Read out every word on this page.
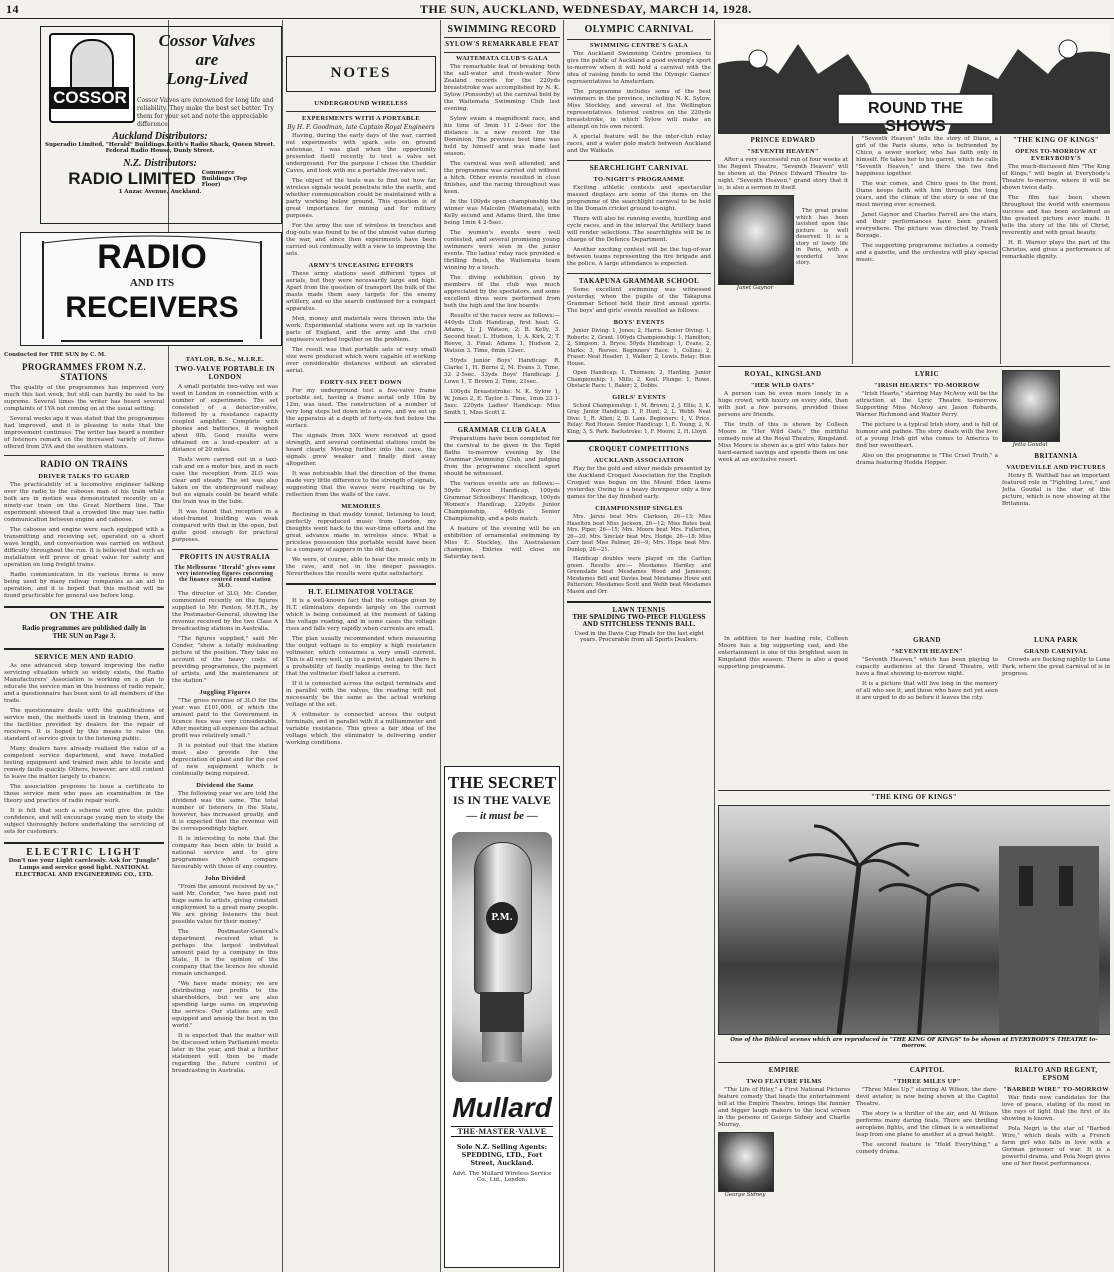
14	THE SUN, AUCKLAND, WEDNESDAY, MARCH 14, 1928.
COSSOR
Cossor Valves
are
Long-Lived
Cossor Valves are renowned for long life and reliability. They make the best set better. Try them for your set and note the appreciable difference.
Auckland Distributors:
Superadio Limited, "Herald" Buildings. Keith's Radio Shack, Queen Street.
Federal Radio House, Dunly Street.
N.Z. Distributors:
RADIO LIMITED Commerce Buildings (Top Floor)
1 Anzac Avenue, Auckland.
RADIO
AND ITS
RECEIVERS
Conducted for THE SUN by C. M.
PROGRAMMES FROM N.Z. STATIONS

The quality of the programmes has improved very much this last week, but still can hardly be said to be supreme. Several times the writer has heard several complaints of 1YA not coming on at the usual setting.

Several weeks ago it was stated that the programmes had improved, and it is pleasing to note that the improvement continues. The writer has heard a number of listeners remark on the increased variety of items offered from 2YA and the southern stations.

RADIO ON TRAINS
DRIVER TALKS TO GUARD

The practicability of a locomotive engineer talking over the radio to the caboose man of his train while both are in motion was demonstrated recently on a ninety-car train on the Great Northern line. The experiment showed that a crowded line may use radio communication between engine and caboose.

The caboose and engine were each equipped with a transmitting and receiving set, operated on a short wave length, and conversation was carried on without difficulty throughout the run. It is believed that such an installation will prove of great value for safety and operation on long freight trains.

Radio communication in its various forms is now being used by many railway companies as an aid to operation, and it is hoped that this method will be found practicable for general use before long.

ON THE AIR
Radio programmes are published daily in THE SUN on Page 3.
SERVICE MEN AND RADIO

As one advanced step toward improving the radio servicing situation which so widely exists, the Radio Manufacturers' Association is working on a plan to educate the service man in the business of radio repair, and a questionnaire has been sent to all members of the trade.

The questionnaire deals with the qualifications of service men, the methods used in training them, and the facilities provided by dealers for the repair of receivers. It is hoped by this means to raise the standard of service given to the listening public.

Many dealers have already realised the value of a competent service department, and have installed testing equipment and trained men able to locate and remedy faults quickly. Others, however, are still content to leave the matter largely to chance.

The association proposes to issue a certificate to those service men who pass an examination in the theory and practice of radio repair work.

It is felt that such a scheme will give the public confidence, and will encourage young men to study the subject thoroughly before undertaking the servicing of sets for customers.

ELECTRIC LIGHT
Don't use your Light carelessly. Ask for "Jungle" Lamps and service good light. NATIONAL ELECTRICAL AND ENGINEERING CO., LTD.
TAYLOR, B.Sc., M.I.R.E.
TWO-VALVE PORTABLE IN LONDON

A small portable two-valve set was used in London in connection with a number of experiments. The set consisted of a detector-valve, followed by a resistance capacity coupled amplifier. Complete with phones and batteries, it weighed about 9lb. Good results were obtained on a loud-speaker at a distance of 20 miles.

Tests were carried out in a taxi-cab and on a motor bus, and in each case the reception from 2LO was clear and steady. The set was also taken on the underground railway, but no signals could be heard while the train was in the tube.

It was found that reception in a steel-framed building was weak compared with that in the open, but quite good enough for practical purposes.

PROFITS IN AUSTRALIA
The Melbourne "Herald" gives some very interesting figures concerning the finance centred round station 3LO.

The director of 3LO, Mr. Conder, commented recently on the figures supplied to Mr. Fenton, M.H.R., by the Postmaster-General, showing the revenue received by the two Class A broadcasting stations in Australia.

"The figures supplied," said Mr. Conder, "show a totally misleading picture of the position. They take no account of the heavy costs of providing programmes, the payment of artists, and the maintenance of the station."

Juggling Figures

"The gross revenue of 3LO for the year was £101,000, of which the amount paid to the Government in licence fees was very considerable. After meeting all expenses the actual profit was relatively small."

It is pointed out that the station must also provide for the depreciation of plant and for the cost of new equipment which is continually being required.

Dividend the Same

The following year we are told the dividend was the same. The total number of listeners in the State, however, has increased greatly, and it is expected that the revenue will be correspondingly higher.

It is interesting to note that the company has been able to build a national service and to give programmes which compare favourably with those of any country.

John Divided

"From the amount received by us," said Mr. Conder, "we have paid out huge sums to artists, giving constant employment to a great many people. We are giving listeners the best possible value for their money."

The Postmaster-General's department received what is perhaps the largest individual amount paid by a company in this State. It is the opinion of the company that the licence fee should remain unchanged.

"We have made money; we are distributing our profits to the shareholders, but we are also spending large sums on improving the service. Our stations are well equipped and among the best in the world."

It is expected that the matter will be discussed when Parliament meets later in the year, and that a further statement will then be made regarding the future control of broadcasting in Australia.

NOTES
UNDERGROUND WIRELESS
EXPERIMENTS WITH A PORTABLE
By H. F. Goodman, late Captain Royal Engineers

Having, during the early days of the war, carried out experiments with spark sets on ground antennae, I was glad when the opportunity presented itself recently to test a valve set underground. For the purpose I chose the Cheddar Caves, and took with me a portable five-valve set.

The object of the tests was to find out how far wireless signals would penetrate into the earth, and whether communication could be maintained with a party working below ground. This question is of great importance for mining and for military purposes.

For the army the use of wireless in trenches and dug-outs was found to be of the utmost value during the war, and since then experiments have been carried out continually with a view to improving the sets.

ARMY'S UNCEASING EFFORTS

These army stations used different types of aerials, but they were necessarily large and high. Apart from the question of transport the bulk of the masts made them easy targets for the enemy artillery, and so the search continued for a compact apparatus.

Men, money and materials were thrown into the work. Experimental stations were set up in various parts of England, and the army and the civil engineers worked together on the problem.

The result was that portable sets of very small size were produced which were capable of working over considerable distances without an elevated aerial.

FORTY-SIX FEET DOWN

For my underground test a five-valve frame portable set, having a frame aerial only 18in by 12in, was used. The construction of a number of very long steps led down into a cave, and we set up the apparatus at a depth of forty-six feet below the surface.

The signals from 5XX were received at good strength, and several continental stations could be heard clearly. Moving further into the cave, the signals grew weaker and finally died away altogether.

It was noticeable that the direction of the frame made very little difference to the strength of signals, suggesting that the waves were reaching us by reflection from the walls of the cave.

MEMORIES

Reclining in that muddy tunnel, listening to loud, perfectly reproduced music from London, my thoughts went back to the war-time efforts and the great advance made in wireless since. What a priceless possession this portable would have been to a company of sappers in the old days.

We were, of course, able to hear the music only in the cave, and not in the deeper passages. Nevertheless the results were quite satisfactory.

H.T. ELIMINATOR VOLTAGE

It is a well-known fact that the voltage given by H.T. eliminators depends largely on the current which is being consumed at the moment of taking the voltage reading, and in some cases the voltage rises and falls very rapidly when currents are small.

The plan usually recommended when measuring the output voltage is to employ a high resistance voltmeter, which consumes a very small current. This is all very well, up to a point, but again there is a probability of faulty readings owing to the fact that the voltmeter itself takes a current.

If it is connected across the output terminals and in parallel with the valves, the reading will not necessarily be the same as the actual working voltage of the set.

A voltmeter is connected across the output terminals, and in parallel with it a milliammeter and variable resistance. This gives a fair idea of the voltage which the eliminator is delivering under working conditions.

SWIMMING RECORD
SYLOW'S REMARKABLE FEAT
WAITEMATA CLUB'S GALA

The remarkable feat of breaking both the salt-water and fresh-water New Zealand records for the 220yds breaststroke was accomplished by N. K. Sylow (Ponsonby) at the carnival held by the Waitemata Swimming Club last evening.

Sylow swam a magnificent race, and his time of 3min 11 2-5sec for the distance is a new record for the Dominion. The previous best time was held by himself and was made last season.

The carnival was well attended, and the programme was carried out without a hitch. Other events resulted in close finishes, and the racing throughout was keen.

In the 100yds open championship the winner was Malcolm (Waitemata), with Kelly second and Adams third, the time being 1min 4 2-5sec.

The women's events were well contested, and several promising young swimmers were seen in the junior events. The ladies' relay race provided a thrilling finish, the Waitemata team winning by a touch.

The diving exhibition given by members of the club was much appreciated by the spectators, and some excellent dives were performed from both the high and the low boards.

Results of the races were as follows:— 440yds Club Handicap, first heat: G. Adams, 1; J. Watson, 2; B. Kelly, 3. Second heat: L. Hudson, 1; A. Kirk, 2; T. Reeve, 3. Final: Adams 1, Hudson 2, Watson 3. Time, 6min 12sec.

50yds Junior Boys' Handicap: R. Clarke 1, H. Burns 2, M. Evans 3. Time, 32 2-5sec. 33yds Boys' Handicap: J. Lowe 1, T. Brown 2. Time, 21sec.

100yds Breaststroke: N. K. Sylow 1, W. Jones 2, E. Taylor 3. Time, 1min 23 1-5sec. 220yds Ladies' Handicap: Miss Smith 1, Miss Scott 2.

GRAMMAR CLUB GALA

Preparations have been completed for the carnival to be given in the Tepid Baths to-morrow evening by the Grammar Swimming Club, and judging from the programme excellent sport should be witnessed.

The various events are as follows:— 50yds Novice Handicap, 100yds Grammar Schoolboys' Handicap, 100yds Women's Handicap, 220yds Junior Championship, 440yds Senior Championship, and a polo match.

A feature of the evening will be an exhibition of ornamental swimming by Miss E. Stockley, the Australasian champion. Entries will close on Saturday next.

OLYMPIC CARNIVAL
SWIMMING CENTRE'S GALA

The Auckland Swimming Centre promises to give the public of Auckland a good evening's sport to-morrow when it will hold a carnival with the idea of raising funds to send the Olympic Games' representatives to Amsterdam.

The programme includes some of the best swimmers in the province, including N. K. Sylow, Miss Stockley, and several of the Wellington representatives. Interest centres on the 220yds breaststroke, in which Sylow will make an attempt on his own record.

A special feature will be the inter-club relay races, and a water polo match between Auckland and the Waikato.

SEARCHLIGHT CARNIVAL
TO-NIGHT'S PROGRAMME

Exciting athletic contests and spectacular massed displays are some of the items on the programme of the searchlight carnival to be held in the Domain cricket ground to-night.

There will also be running events, hurdling and cycle races, and in the interval the Artillery band will render selections. The searchlights will be in charge of the Defence Department.

Another exciting contest will be the tug-of-war between teams representing the fire brigade and the police. A large attendance is expected.

TAKAPUNA GRAMMAR SCHOOL

Some excellent swimming was witnessed yesterday, when the pupils of the Takapuna Grammar School held their first annual sports. The boys' and girls' events resulted as follows:

BOYS' EVENTS

Junior Diving: 1, Jones; 2, Harris. Senior Diving: 1, Roberts; 2, Grant. 100yds Championship: 1, Hamilton; 2, Simpson; 3, Bryce. 50yds Handicap: 1, Evans; 2, Marks; 3, Reeves. Beginners' Race: 1, Collins; 2, Fraser. Neat Header: 1, Walker; 2, Lewis. Relay: Blue House.

Open Handicap: 1, Thomson; 2, Harding. Junior Championship: 1, Mills; 2, Kent. Plunge: 1, Rowe. Obstacle Race: 1, Baker; 2, Dobbs.

GIRLS' EVENTS

School Championship: 1, M. Brown; 2, J. Ellis; 3, K. Gray. Junior Handicap: 1, P. Hunt; 2, L. Webb. Neat Dive: 1, R. Allen; 2, D. Lane. Beginners: 1, V. Price. Relay: Red House. Senior Handicap: 1, E. Young; 2, N. King; 3, S. Park. Backstroke: 1, F. Moore; 2, H. Lloyd.

CROQUET COMPETITIONS
AUCKLAND ASSOCIATION

Play for the gold and silver medals presented by the Auckland Croquet Association for the English Croquet was begun on the Mount Eden lawns yesterday. Owing to a heavy downpour only a few games for the day finished early.

CHAMPIONSHIP SINGLES

Mrs. Jarvis beat Mrs. Clarkson, 26—13; Miss Haselton beat Miss Jackson, 26—12; Miss Bates beat Mrs. Piper, 26—15; Mrs. Moore beat Mrs. Fullerton, 26—20; Mrs. Sinclair beat Mrs. Hodge, 26—18; Miss Carr beat Miss Palmer, 26—9; Mrs. Hope beat Mrs. Dunlop, 26—21.

Handicap doubles were played on the Carlton green. Results are:— Mesdames Hardley and Greenslade beat Mesdames Wood and Jamieson; Mesdames Bell and Davies beat Mesdames Howe and Patterson; Mesdames Scott and Webb beat Mesdames Mason and Orr.

LAWN TENNIS
THE SPALDING TWO-PIECE FLUGLESS AND STITCHLESS TENNIS BALL.
Used in the Davis Cup Finals for the last eight years. Procurable from all Sports Dealers.
THE SECRET
IS IN THE VALVE
— it must be —
P.M.
Mullard
THE·MASTER·VALVE
Sole N.Z. Selling Agents: SPEDDING, LTD., Fort Street, Auckland.
Advt. The Mullard Wireless Service Co., Ltd., London.
ROUND THE SHOWS
PRINCE EDWARD
"SEVENTH HEAVEN"

After a very successful run of four weeks at the Regent Theatre, "Seventh Heaven" will be shown at the Prince Edward Theatre to-night. "Seventh Heaven," grand story that it is, is also a sermon in itself.

Janet Gaynor

The great praise which has been lavished upon this picture is well deserved. It is a story of lowly life in Paris, with a wonderful love story.

"THE KING OF KINGS"
OPENS TO-MORROW AT EVERYBODY'S

The much-discussed film "The King of Kings," will begin at Everybody's Theatre to-morrow, where it will be shown twice daily.

The film has been shown throughout the world with enormous success and has been acclaimed as the greatest picture ever made. It tells the story of the life of Christ, reverently and with great beauty.

H. B. Warner plays the part of the Christus, and gives a performance of remarkable dignity.

"Seventh Heaven" tells the story of Diane, a girl of the Paris slums, who is befriended by Chico, a sewer worker, who has faith only in himself. He takes her to his garret, which he calls "Seventh Heaven," and there the two find happiness together.

The war comes, and Chico goes to the front. Diane keeps faith with him through the long years, and the climax of the story is one of the most moving ever screened.

Janet Gaynor and Charles Farrell are the stars, and their performances have been praised everywhere. The picture was directed by Frank Borzage.

The supporting programme includes a comedy and a gazette, and the orchestra will play special music.

ROYAL, KINGSLAND
"HER WILD OATS"

A person can be even more lonely in a huge crowd, with luxury on every side, than with just a few persons, provided those persons are friends.

The truth of this is shown by Colleen Moore in "Her Wild Oats," the mirthful comedy now at the Royal Theatre, Kingsland. Miss Moore is shown as a girl who takes her hard-earned savings and spends them on one week at an exclusive resort.

LYRIC
"IRISH HEARTS" TO-MORROW

"Irish Hearts," starring May McAvoy will be the attraction at the Lyric Theatre to-morrow. Supporting Miss McAvoy are Jason Robards, Warner Richmond and Walter Perry.

The picture is a typical Irish story, and is full of humour and pathos. The story deals with the love of a young Irish girl who comes to America to find her sweetheart.

Also on the programme is "The Cruel Truth," a drama featuring Hedda Hopper.

Jetta Goudal
BRITANNIA
VAUDEVILLE AND PICTURES

Henry B. Walthall has an important featured role in "Fighting Love," and Jetta Goudal is the star of this picture, which is now showing at the Britannia.

GRAND
"SEVENTH HEAVEN"

"Seventh Heaven," which has been playing to capacity audiences at the Grand Theatre, will have a final showing to-morrow night.

It is a picture that will live long in the memory of all who see it, and those who have not yet seen it are urged to do so before it leaves the city.

In addition to her leading role, Colleen Moore has a big supporting cast, and the entertainment is one of the brightest seen in Kingsland this season. There is also a good supporting programme.

LUNA PARK
GRAND CARNIVAL

Crowds are flocking nightly to Luna Park, where the great carnival of is in progress.

"THE KING OF KINGS"
One of the Biblical scenes which are reproduced in "THE KING OF KINGS" to be shown at EVERYBODY'S THEATRE to-morrow.
EMPIRE
TWO FEATURE FILMS

"The Life of Riley," a First National Pictures feature comedy that heads the entertainment bill at the Empire Theatre, brings the funnier and bigger laugh makers to the local screen in the persons of George Sidney and Charlie Murray.

George Sidney
CAPITOL
"THREE MILES UP"

"Three Miles Up," starring Al Wilson, the dare-devil aviator, is now being shown at the Capitol Theatre.

The story is a thriller of the air, and Al Wilson performs many daring feats. There are thrilling aeroplane fights, and the climax is a sensational leap from one plane to another at a great height.

The second feature is "Hold Everything," a comedy drama.

RIALTO AND REGENT, EPSOM
"BARBED WIRE" TO-MORROW

War finds new candidates for the love of peace, stating of its most in the rays of light that the first of its showing is known.

Pola Negri is the star of "Barbed Wire," which deals with a French farm girl who falls in love with a German prisoner of war. It is a powerful drama, and Pola Negri gives one of her finest performances.
